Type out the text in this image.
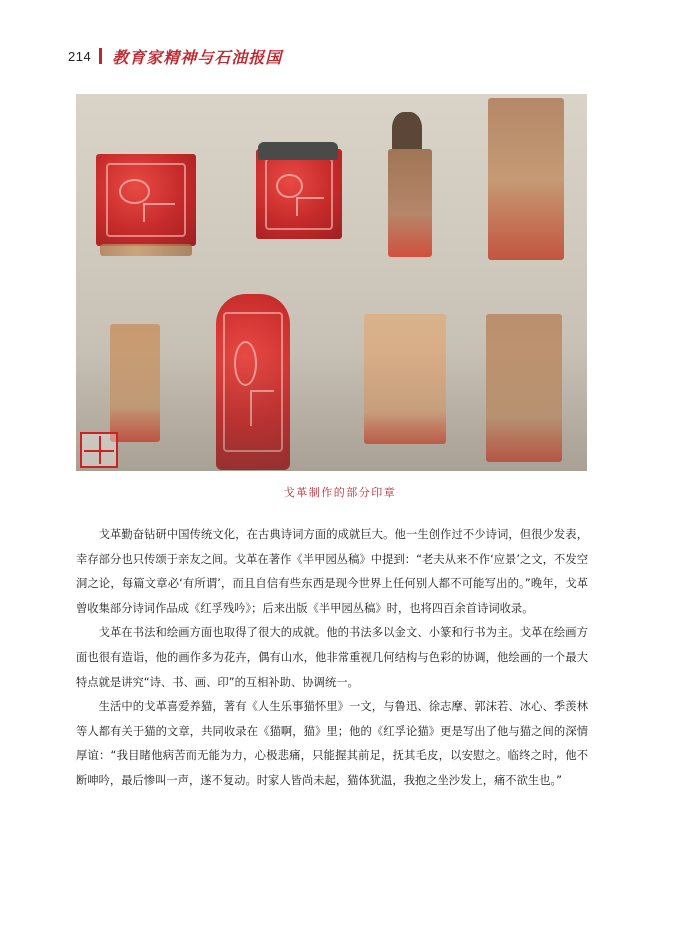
214 教育家精神与石油报国
戈革制作的部分印章

戈革勤奋钻研中国传统文化，在古典诗词方面的成就巨大。他一生创作过不少诗词，但很少发表，幸存部分也只传颂于亲友之间。戈革在著作《半甲园丛稿》中提到：“老夫从来不作‘应景’之文，不发空洞之论，每篇文章必‘有所谓’，而且自信有些东西是现今世界上任何别人都不可能写出的。”晚年，戈革曾收集部分诗词作品成《红孚残吟》；后来出版《半甲园丛稿》时，也将四百余首诗词收录。

戈革在书法和绘画方面也取得了很大的成就。他的书法多以金文、小篆和行书为主。戈革在绘画方面也很有造诣，他的画作多为花卉，偶有山水，他非常重视几何结构与色彩的协调，他绘画的一个最大特点就是讲究“诗、书、画、印”的互相补助、协调统一。

生活中的戈革喜爱养猫，著有《人生乐事猫怀里》一文，与鲁迅、徐志摩、郭沫若、冰心、季羡林等人都有关于猫的文章，共同收录在《猫啊，猫》里；他的《红孚论猫》更是写出了他与猫之间的深情厚谊：“我目睹他病苦而无能为力，心极悲痛，只能握其前足，抚其毛皮，以安慰之。临终之时，他不断呻吟，最后惨叫一声，遂不复动。时家人皆尚未起，猫体犹温，我抱之坐沙发上，痛不欲生也。”
